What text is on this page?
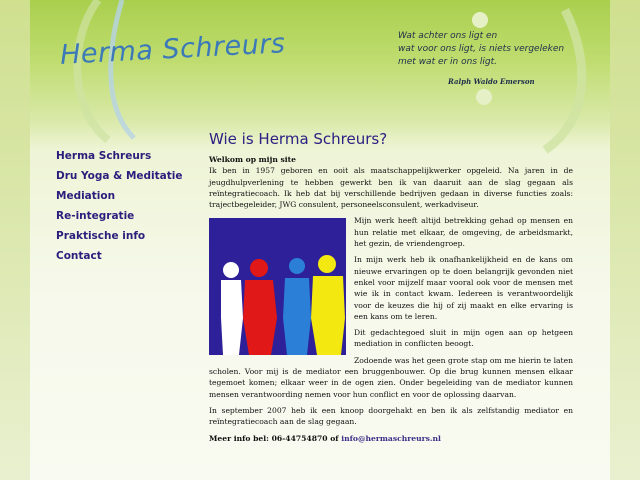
Herma Schreurs	Wat achter ons ligt en
wat voor ons ligt, is niets vergeleken
met wat er in ons ligt.
Ralph Waldo Emerson
Herma Schreurs
Dru Yoga & Meditatie
Mediation
Re-integratie
Praktische info
Contact
Wie is Herma Schreurs?

Welkom op mijn site
Ik ben in 1957 geboren en ooit als maatschappelijkwerker opgeleid. Na jaren in de jeugdhulpverlening te hebben gewerkt ben ik van daaruit aan de slag gegaan als reïntegratiecoach. Ik heb dat bij verschillende bedrijven gedaan in diverse functies zoals: trajectbegeleider, JWG consulent, personeelsconsulent, werkadviseur.

Mijn werk heeft altijd betrekking gehad op mensen en hun relatie met elkaar, de omgeving, de arbeidsmarkt, het gezin, de vriendengroep.

In mijn werk heb ik onafhankelijkheid en de kans om nieuwe ervaringen op te doen belangrijk gevonden niet enkel voor mijzelf maar vooral ook voor de mensen met wie ik in contact kwam. Iedereen is verantwoordelijk voor de keuzes die hij of zij maakt en elke ervaring is een kans om te leren.

Dit gedachtegoed sluit in mijn ogen aan op hetgeen mediation in conflicten beoogt.

Zodoende was het geen grote stap om me hierin te laten scholen. Voor mij is de mediator een bruggenbouwer. Op die brug kunnen mensen elkaar tegemoet komen; elkaar weer in de ogen zien. Onder begeleiding van de mediator kunnen mensen verantwoording nemen voor hun conflict en voor de oplossing daarvan.

In september 2007 heb ik een knoop doorgehakt en ben ik als zelfstandig mediator en reïntegratiecoach aan de slag gegaan.

Meer info bel: 06-44754870 of info@hermaschreurs.nl
